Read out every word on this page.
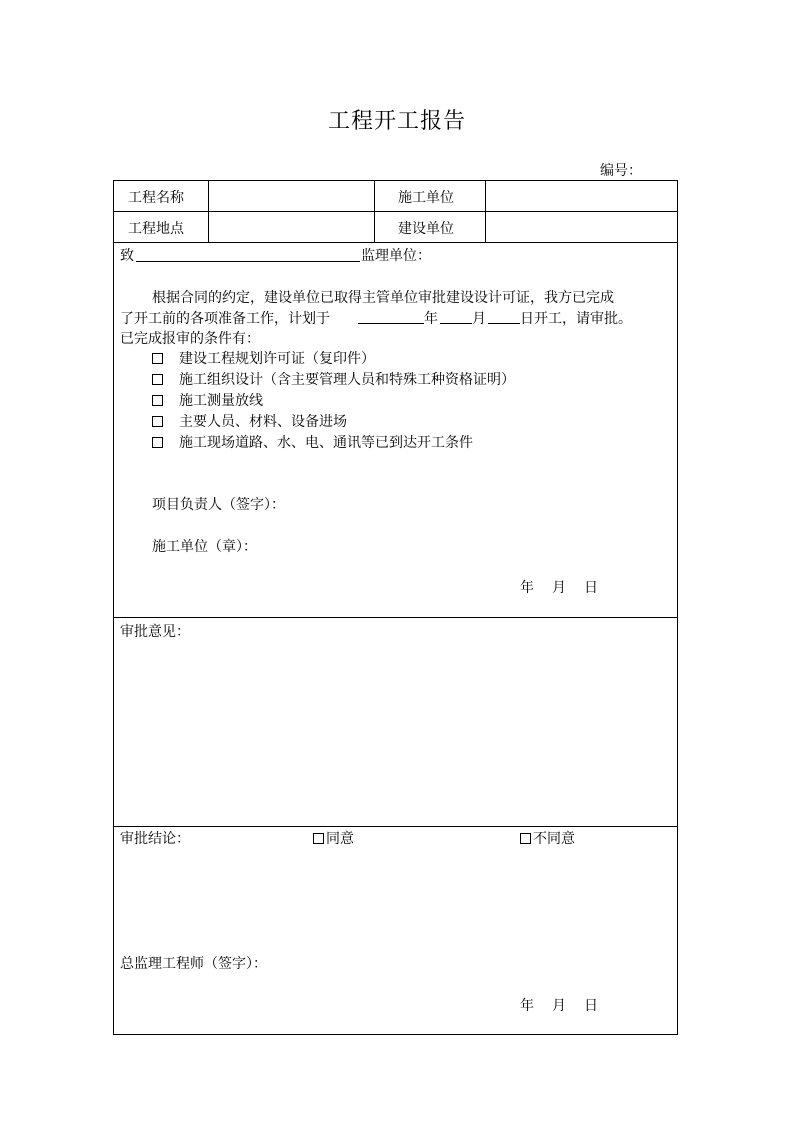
工程开工报告
编号：
工程名称	施工单位
工程地点	建设单位
致	监理单位：
根据合同的约定，建设单位已取得主管单位审批建设设计可证，我方已完成
了开工前的各项准备工作，计划于	年 月 日开工，请审批。
已完成报审的条件有：
建设工程规划许可证（复印件）
施工组织设计（含主要管理人员和特殊工种资格证明）
施工测量放线
主要人员、材料、设备进场
施工现场道路、水、电、通讯等已到达开工条件
项目负责人（签字）：
施工单位（章）：
年 月 日
审批意见：
审批结论：	同意	不同意
总监理工程师（签字）：
年 月 日
